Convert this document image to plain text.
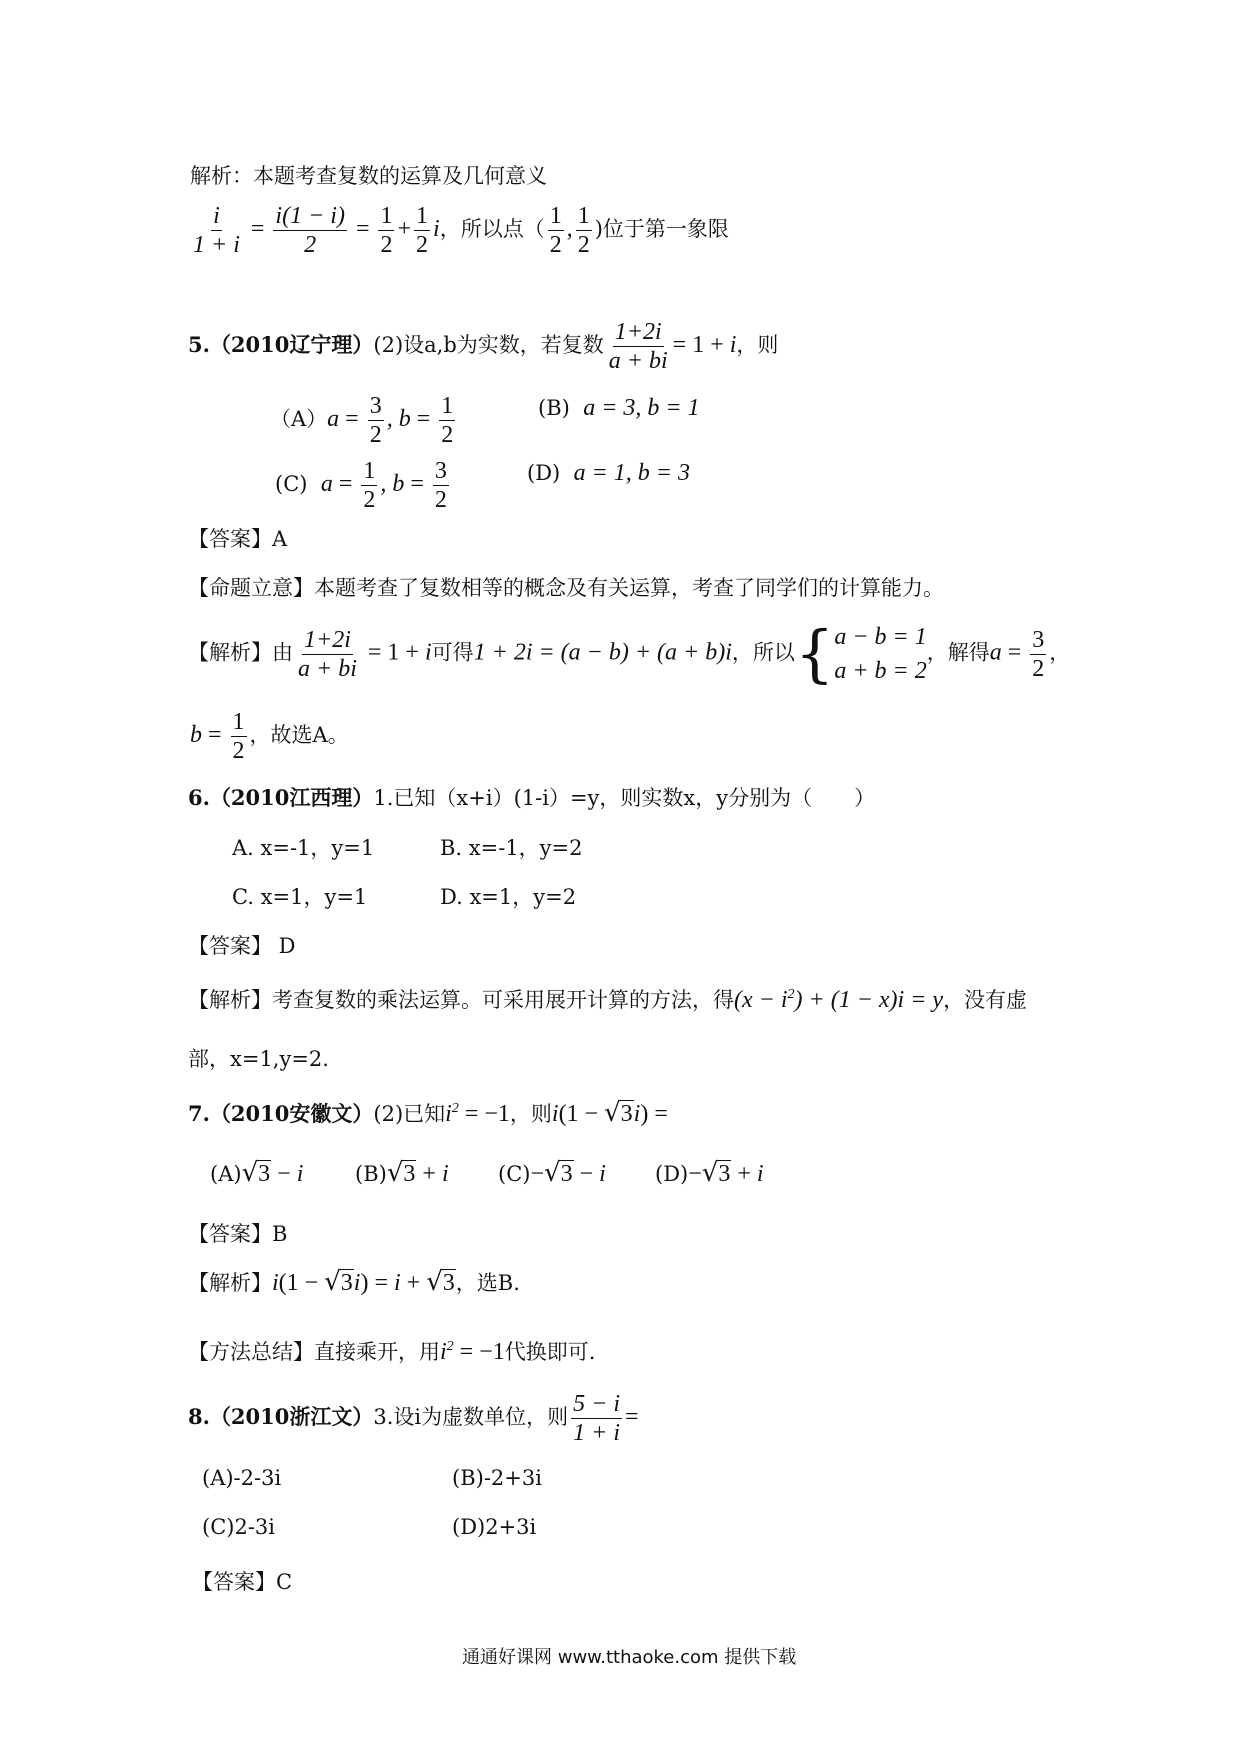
解析：本题考查复数的运算及几何意义
$\frac{i}{1 + i} = \frac{i(1 - i)}{2} = \frac{1}{2} + \frac{1}{2}$ i，所以点（ $\frac{1}{2}$ , $\frac{1}{2}$ )位于第一象限
5.（2010辽宁理）(2)设a,b为实数，若复数 $\frac{1+2i}{a + bi} = 1 + i$，则
$(A)a = \frac{3}{2}$ , $b = \frac{1}{2}$	(B) a = 3, b = 1
(C) $a = \frac{1}{2}$ , $b = \frac{3}{2}$	(D) a = 1, b = 3
【答案】A
【命题立意】本题考查了复数相等的概念及有关运算，考查了同学们的计算能力。
【解析】由 $\frac{1+2i}{a + bi} = 1 + i$可得1 + 2i = (a − b) + (a + b)i，所以{ a − b = 1
a + b = 2
，解得$a = \frac{3}{2}$ ，
$b = \frac{1}{2}$ ，故选A。
6.（2010江西理）1.已知（x+i）(1-i）=y，则实数x，y分别为（　　）
A. x=-1，y=1	B. x=-1，y=2
C. x=1，y=1	D. x=1，y=2
【答案】 D
【解析】考查复数的乘法运算。可采用展开计算的方法，得$(x - i^2) + (1 - x)i = y$，没有虚
部，x=1,y=2.
7.（2010安徽文）(2)已知$i^2 = -1$，则i(1 − √3i) =
(A)√3 − i (B)√3 + i (C)−√3 − i (D)−√3 + i
【答案】B
【解析】i(1 − √3i) = i + √3，选B.
【方法总结】直接乘开，用$i^2 = -1$代换即可.
8.（2010浙江文）3.设i为虚数单位，则 $\frac{5 - i}{1 + i}$ =
(A)-2-3i	(B)-2+3i
(C)2-3i	(D)2+3i
【答案】C
通通好课网 www.tthaoke.com 提供下载
